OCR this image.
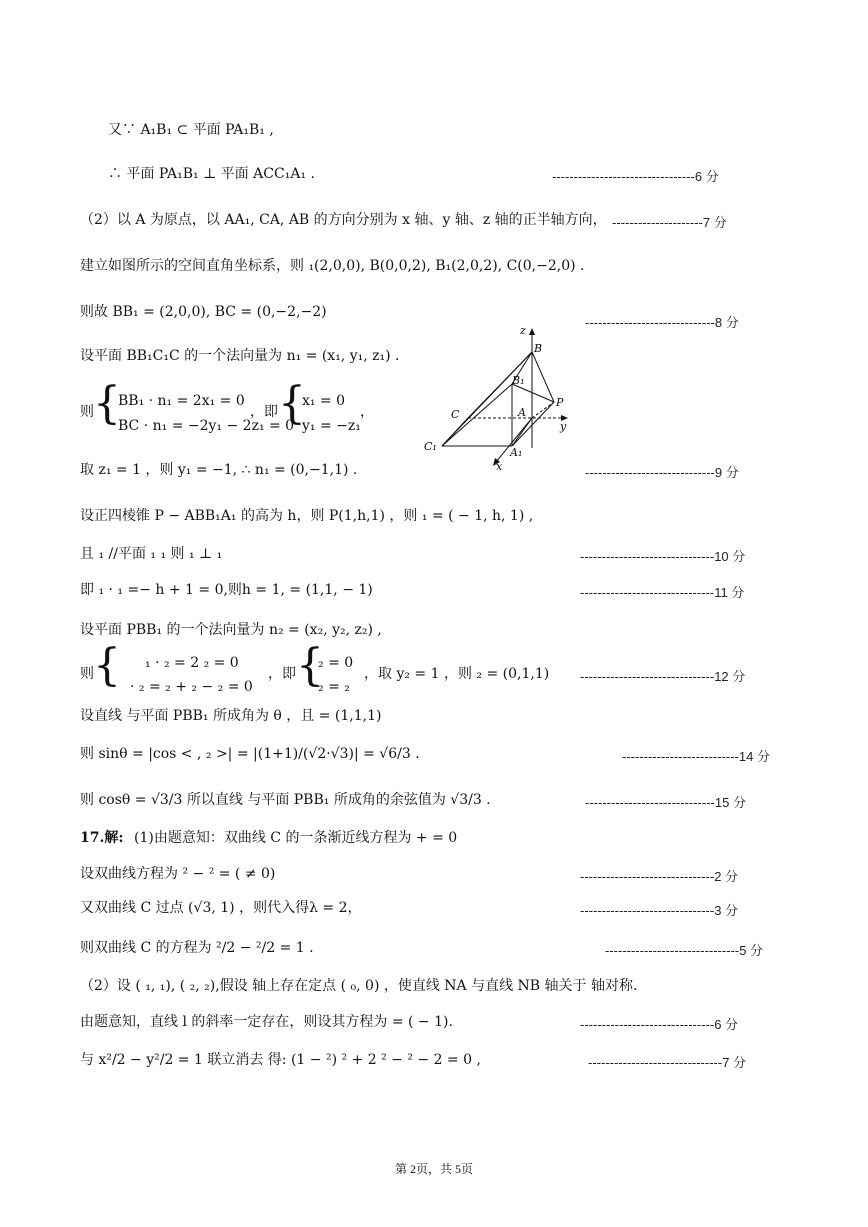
又∵ A₁B₁ ⊂ 平面 PA₁B₁ ,
∴ 平面 PA₁B₁ ⊥ 平面 ACC₁A₁ .
（2）以 A 为原点，以 AA₁, CA, AB 的方向分别为 x 轴、y 轴、z 轴的正半轴方向，
建立如图所示的空间直角坐标系，则 ₁(2,0,0), B(0,0,2), B₁(2,0,2), C(0,−2,0) .
则故 BB₁ = (2,0,0), BC = (0,−2,−2)
设平面 BB₁C₁C 的一个法向量为 n₁ = (x₁, y₁, z₁) .
则 {
BB₁ · n₁ = 2x₁ = 0
BC · n₁ = −2y₁ − 2z₁ = 0
，即 {
x₁ = 0
y₁ = −z₁
，
取 z₁ = 1 ，则 y₁ = −1, ∴ n₁ = (0,−1,1) .
设正四棱锥 P − ABB₁A₁ 的高为 h，则 P(1,h,1) ，则 ₁ = ( − 1, h, 1) ,
且 ₁ //平面 ₁ ₁ 则 ₁ ⊥ ₁
即 ₁ · ₁ =− h + 1 = 0,则h = 1, = (1,1, − 1)
设平面 PBB₁ 的一个法向量为 n₂ = (x₂, y₂, z₂) ,
则 { ₁ · ₂ = 2 ₂ = 0
· ₂ = ₂ + ₂ − ₂ = 0
，即 {
₂ = 0
₂ = ₂
，取 y₂ = 1 ，则 ₂ = (0,1,1)
设直线 与平面 PBB₁ 所成角为 θ ，且 = (1,1,1)
则 sinθ = |cos < , ₂ >| = |(1+1)/(√2·√3)| = √6/3 .
则 cosθ = √3/3 所以直线 与平面 PBB₁ 所成角的余弦值为 √3/3 .
17.解: (1)由题意知：双曲线 C 的一条渐近线方程为 + = 0
设双曲线方程为 ² − ² = ( ≠ 0)
又双曲线 C 过点 (√3, 1) ，则代入得λ = 2，
则双曲线 C 的方程为 ²/2 − ²/2 = 1 .
（2）设 ( ₁, ₁), ( ₂, ₂),假设 轴上存在定点 ( ₀, 0) ，使直线 NA 与直线 NB 轴关于 轴对称.
由题意知，直线 l 的斜率一定存在，则设其方程为 = ( − 1).
与 x²/2 − y²/2 = 1 联立消去 得: (1 − ²) ² + 2 ² − ² − 2 = 0 ,
---------------------------------6 分
---------------------7 分
------------------------------8 分
------------------------------9 分
-------------------------------10 分
-------------------------------11 分
-------------------------------12 分
---------------------------14 分
------------------------------15 分
-------------------------------2 分
-------------------------------3 分
-------------------------------5 分
-------------------------------6 分
-------------------------------7 分
z
B
B₁
C	A
P
y
C₁	A₁
x
第 2页，共 5页
